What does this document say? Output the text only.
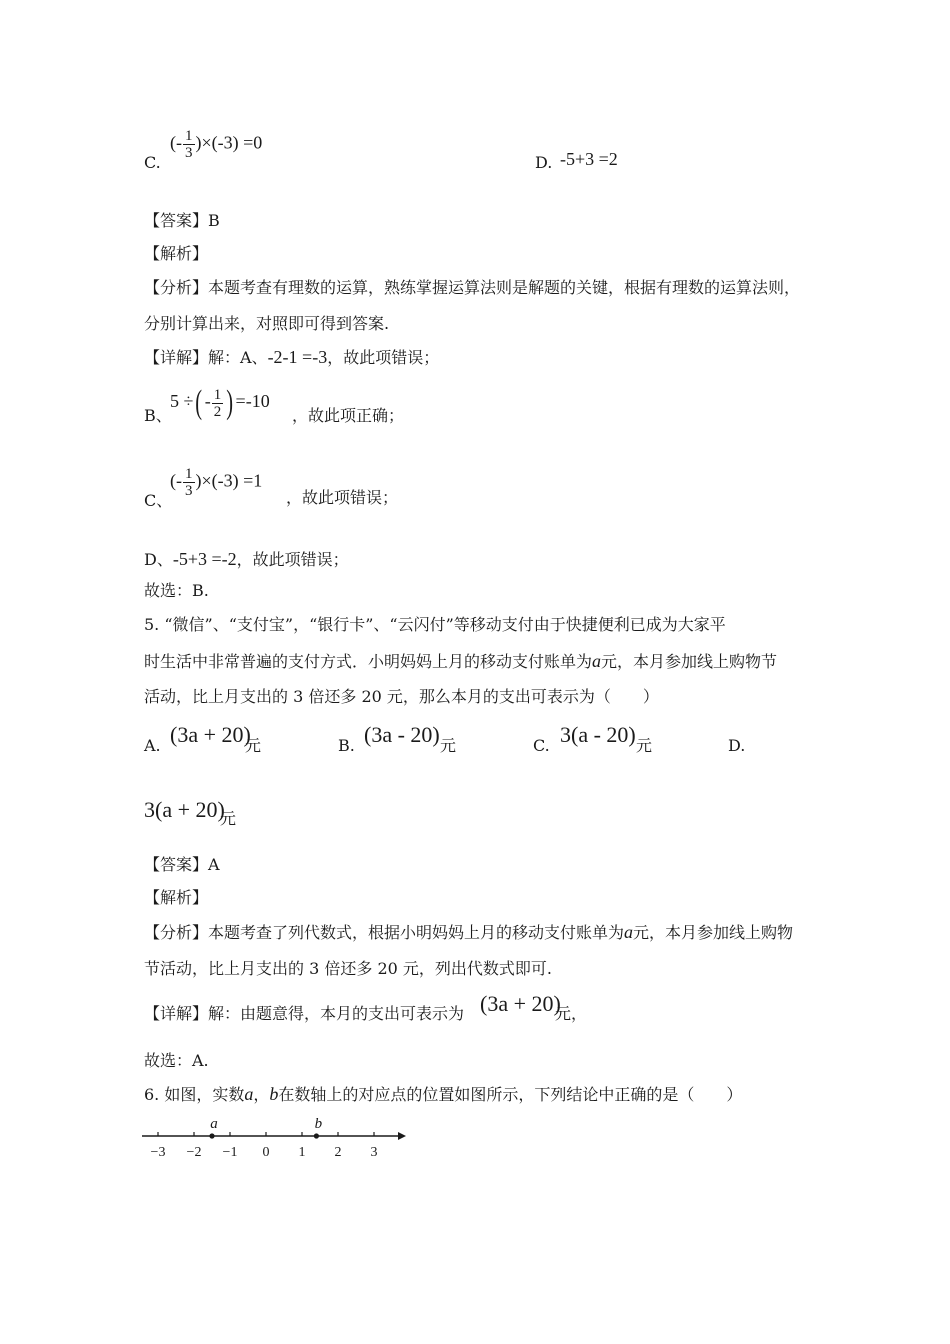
C.
(- $\frac{1}{3} )\times(-3) =0$
D. -5+3 =2
【答案】B
【解析】
【分析】本题考查有理数的运算，熟练掌握运算法则是解题的关键，根据有理数的运算法则，
分别计算出来，对照即可得到答案.
【详解】解：A、-2-1 =-3，故此项错误；
B、
5 ÷( - $\frac{1}{2}$ ) =-10
，故此项正确；
C、
(- $\frac{1}{3} )\times(-3) =1$
，故此项错误；
D、-5+3 =-2，故此项错误；
故选：B.
5. “微信”、“支付宝”，“银行卡”、“云闪付”等移动支付由于快捷便利已成为大家平
时生活中非常普遍的支付方式．小明妈妈上月的移动支付账单为a元，本月参加线上购物节
活动，比上月支出的 3 倍还多 20 元，那么本月的支出可表示为（　　）
A. (3a + 20)
元	B. (3a - 20) 元	C. 3(a - 20) 元	D.
3(a + 20)
元
【答案】A
【解析】
【分析】本题考查了列代数式，根据小明妈妈上月的移动支付账单为a元，本月参加线上购物
节活动，比上月支出的 3 倍还多 20 元，列出代数式即可.
【详解】解：由题意得，本月的支出可表示为 (3a + 20)
元，
故选：A.
6. 如图，实数a，b在数轴上的对应点的位置如图所示，下列结论中正确的是（　　）
−3 −2 −1 0 1 2 3
a	b
